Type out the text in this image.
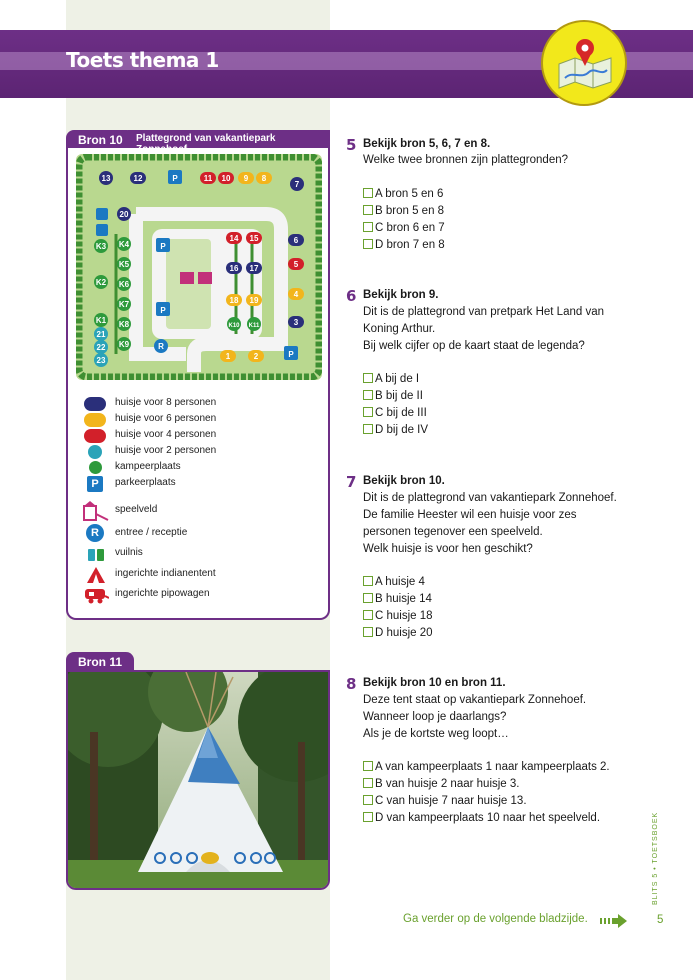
Toets thema 1
Bron 10	Plattegrond van vakantiepark
13	12	P	11 10 9 8
7
20
K3
K2
K1
21
22
23
K4
K5
K6
K7
K8
K9
P
P
R
14 15
16 17
18 19
K10 K11
6
5
4
3
1	2	P
huisje voor 8 personen
huisje voor 6 personen
huisje voor 4 personen
huisje voor 2 personen
kampeerplaats
P	parkeerplaats
speelveld
R	entree / receptie
vuilnis
ingerichte indianentent
ingerichte pipowagen
Bron 11
5 Bekijk bron 5, 6, 7 en 8.
Welke twee bronnen zijn plattegronden?
A bron 5 en 6
B bron 5 en 8
C bron 6 en 7
D bron 7 en 8
6 Bekijk bron 9.
Dit is de plattegrond van pretpark Het Land van
Koning Arthur.
Bij welk cijfer op de kaart staat de legenda?
A bij de I
B bij de II
C bij de III
D bij de IV
7 Bekijk bron 10.
Dit is de plattegrond van vakantiepark Zonnehoef.
De familie Heester wil een huisje voor zes
personen tegenover een speelveld.
Welk huisje is voor hen geschikt?
A huisje 4
B huisje 14
C huisje 18
D huisje 20
8 Bekijk bron 10 en bron 11.
Deze tent staat op vakantiepark Zonnehoef.
Wanneer loop je daarlangs?
Als je de kortste weg loopt…
A van kampeerplaats 1 naar kampeerplaats 2.
B van huisje 2 naar huisje 3.
C van huisje 7 naar huisje 13.
D van kampeerplaats 10 naar het speelveld.
Ga verder op de volgende bladzijde.
BLITS 5 • TOETSBOEK
5
